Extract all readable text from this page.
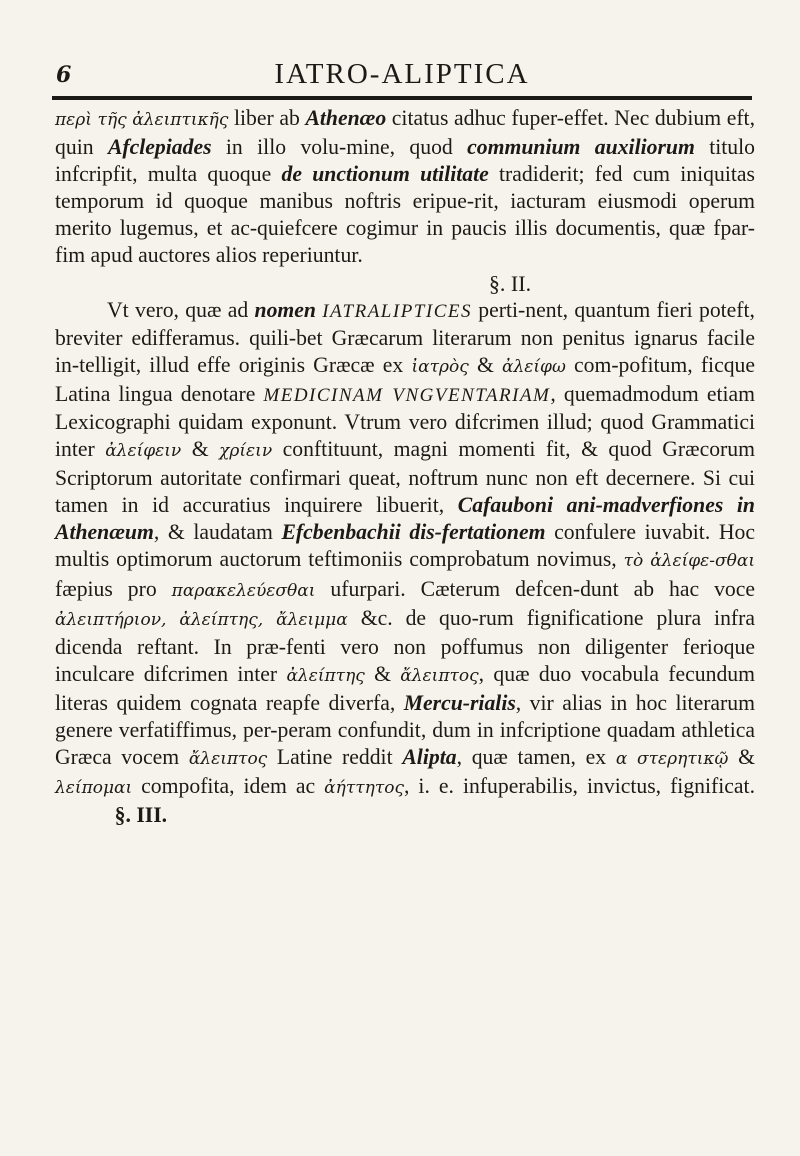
6	IATRO-ALIPTICA

περὶ τῆς ἀλειπτικῆς liber ab Athenæo citatus adhuc fuper-effet. Nec dubium eft, quin Afclepiades in illo volu-mine, quod communium auxiliorum titulo infcripfit, multa quoque de unctionum utilitate tradiderit; fed cum iniquitas temporum id quoque manibus noftris eripue-rit, iacturam eiusmodi operum merito lugemus, et ac-quiefcere cogimur in paucis illis documentis, quæ fpar-fim apud auctores alios reperiuntur.

§. II.

Vt vero, quæ ad nomen IATRALIPTICES perti-nent, quantum fieri poteft, breviter edifferamus. quili-bet Græcarum literarum non penitus ignarus facile in-telligit, illud effe originis Græcæ ex ἰατρὸς & ἀλείφω com-pofitum, ficque Latina lingua denotare MEDICINAM VNGVENTARIAM, quemadmodum etiam Lexicographi quidam exponunt. Vtrum vero difcrimen illud; quod Grammatici inter ἀλείφειν & χρίειν conftituunt, magni momenti fit, & quod Græcorum Scriptorum autoritate confirmari queat, noftrum nunc non eft decernere. Si cui tamen in id accuratius inquirere libuerit, Cafauboni ani-madverfiones in Athenæum, & laudatam Efcbenbachii dis-fertationem confulere iuvabit. Hoc multis optimorum auctorum teftimoniis comprobatum novimus, τὸ ἀλείφε-σθαι fæpius pro παρακελεύεσθαι ufurpari. Cæterum defcen-dunt ab hac voce ἀλειπτήριον, ἀλείπτης, ἄλειμμα &c. de quo-rum fignificatione plura infra dicenda reftant. In præ-fenti vero non poffumus non diligenter ferioque inculcare difcrimen inter ἀλείπτης & ἄλειπτος, quæ duo vocabula fecundum literas quidem cognata reapfe diverfa, Mercu-rialis, vir alias in hoc literarum genere verfatiffimus, per-peram confundit, dum in infcriptione quadam athletica Græca vocem ἄλειπτος Latine reddit Alipta, quæ tamen, ex α στερητικῷ & λείπομαι compofita, idem ac ἀήττητος, i. e. infuperabilis, invictus, fignificat.            §. III.
